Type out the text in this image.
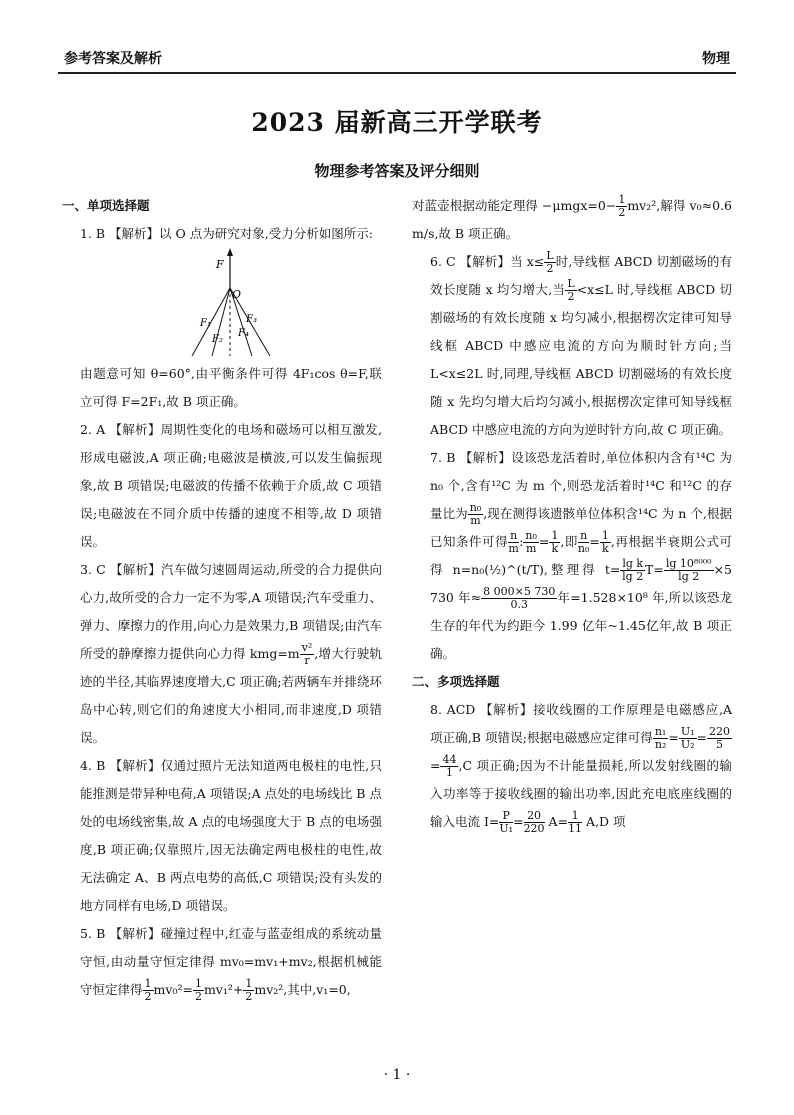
参考答案及解析	物理
2023 届新高三开学联考
物理参考答案及评分细则

一、单项选择题

1. B 【解析】以 O 点为研究对象,受力分析如图所示:

F
O
F₁
F₂
F₃
F₄

由题意可知 θ=60°,由平衡条件可得 4F₁cos θ=F,联立可得 F=2F₁,故 B 项正确。

2. A 【解析】周期性变化的电场和磁场可以相互激发,形成电磁波,A 项正确;电磁波是横波,可以发生偏振现象,故 B 项错误;电磁波的传播不依赖于介质,故 C 项错误;电磁波在不同介质中传播的速度不相等,故 D 项错误。

3. C 【解析】汽车做匀速圆周运动,所受的合力提供向心力,故所受的合力一定不为零,A 项错误;汽车受重力、弹力、摩擦力的作用,向心力是效果力,B 项错误;由汽车所受的静摩擦力提供向心力得 $kmg=m \frac{\text{v²}}{r}$ ,增大行驶轨迹的半径,其临界速度增大,C 项正确;若两辆车并排绕环岛中心转,则它们的角速度大小相同,而非速度,D 项错误。

4. B 【解析】仅通过照片无法知道两电极柱的电性,只能推测是带异种电荷,A 项错误;A 点处的电场线比 B 点处的电场线密集,故 A 点的电场强度大于 B 点的电场强度,B 项正确;仅靠照片,因无法确定两电极柱的电性,故无法确定 A、B 两点电势的高低,C 项错误;没有头发的地方同样有电场,D 项错误。

5. B 【解析】碰撞过程中,红壶与蓝壶组成的系统动量守恒,由动量守恒定律得 mv₀=mv₁+mv₂,根据机械能守恒定律得 $\frac{1}{2} mv_0^2= \frac{1}{2} mv_1^2+ \frac{1}{2} mv_2^2$,其中,v₁=0,

对蓝壶根据动能定理得 $-\mu mgx=0- \frac{1}{2} mv_2^2$,解得 v₀≈0.6 m/s,故 B 项正确。

6. C 【解析】当 $x\le \frac{L}{2}$ 时,导线框 ABCD 切割磁场的有效长度随 x 均匀增大,当 $\frac{L}{2} <x\le L$ 时,导线框 ABCD 切割磁场的有效长度随 x 均匀减小,根据楞次定律可知导线框 ABCD 中感应电流的方向为顺时针方向;当 L<x≤2L 时,同理,导线框 ABCD 切割磁场的有效长度随 x 先均匀增大后均匀减小,根据楞次定律可知导线框 ABCD 中感应电流的方向为逆时针方向,故 C 项正确。

7. B 【解析】设该恐龙活着时,单位体积内含有¹⁴C 为 n₀ 个,含有¹²C 为 m 个,则恐龙活着时¹⁴C 和¹²C 的存量比为 $\frac{\text{n₀}}{m}$ ,现在测得该遗骸单位体积含¹⁴C 为 n 个,根据已知条件可得 $\frac{n}{m}$ : $\frac{\text{n₀}}{m} = \frac{1}{k}$ ,即 $\frac{n}{\text{n₀}} = \frac{1}{k}$ ,再根据半衰期公式可得 n=n₀(½)^(t/T),整理得 $t= \frac{\text{lg k}}{\lg 2} T= \frac{\text{lg 10⁸⁰⁰⁰}}{\lg 2} \times 5$ 730 年≈ $\frac{8 000\times 5 730}{0.3}$ 年=1.528×10⁸ 年,所以该恐龙生存的年代为约距今 1.99 亿年~1.45亿年,故 B 项正确。

二、多项选择题

8. ACD 【解析】接收线圈的工作原理是电磁感应,A 项正确,B 项错误;根据电磁感应定律可得 $\frac{\text{n₁}}{\text{n₂}} = \frac{\text{U₁}}{\text{U₂}} = \frac{220}{5}$
= $\frac{44}{1} ,C$ 项正确;因为不计能量损耗,所以发射线圈的输入功率等于接收线圈的输出功率,因此充电底座线圈的输入电流 $I= \frac{P}{\text{U₁}} = \frac{20}{220} A= \frac{1}{11} A,D$ 项

· 1 ·
